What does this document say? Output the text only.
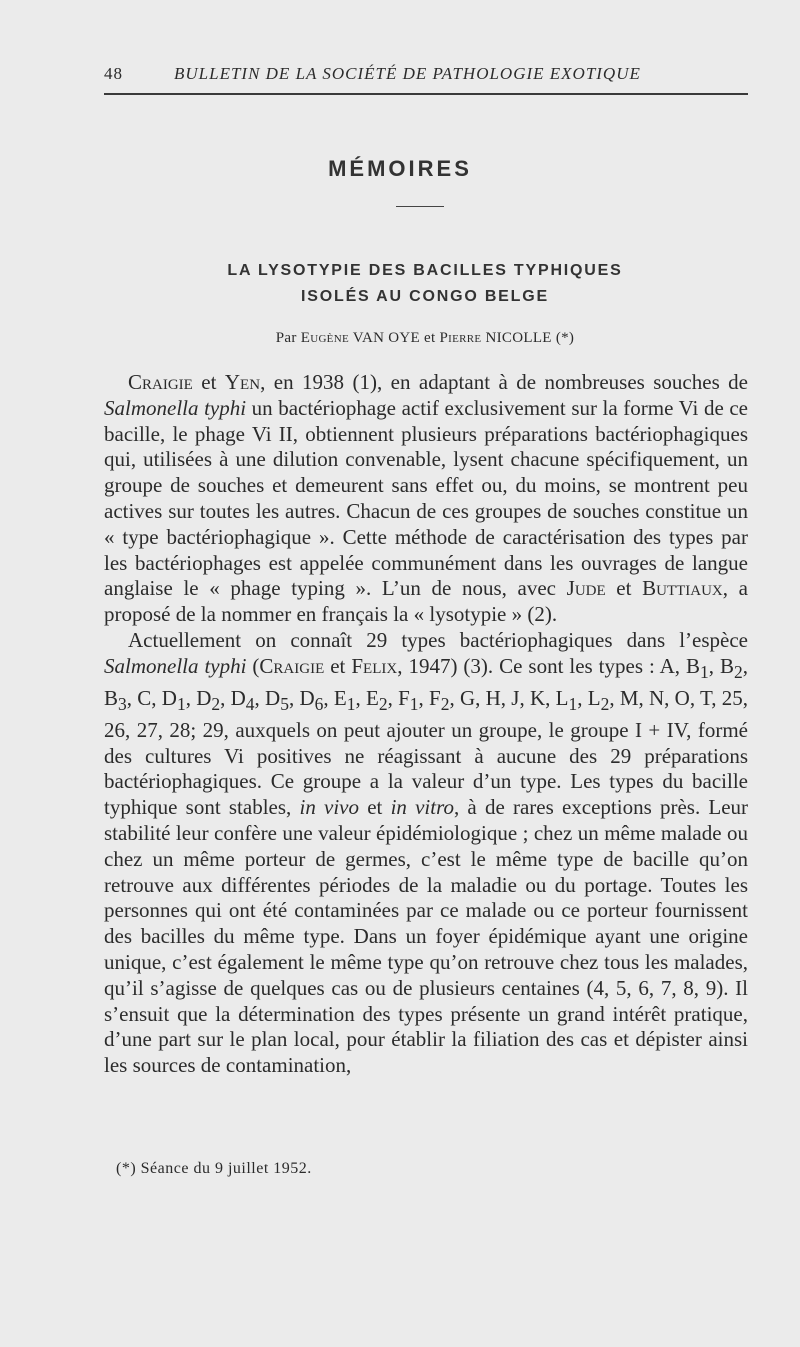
48	BULLETIN DE LA SOCIÉTÉ DE PATHOLOGIE EXOTIQUE
MÉMOIRES
LA LYSOTYPIE DES BACILLES TYPHIQUES
ISOLÉS AU CONGO BELGE
Par Eugène VAN OYE et Pierre NICOLLE (*)

Craigie et Yen, en 1938 (1), en adaptant à de nombreuses souches de Salmonella typhi un bactériophage actif exclusivement sur la forme Vi de ce bacille, le phage Vi II, obtiennent plusieurs préparations bactériophagiques qui, utilisées à une dilution convenable, lysent chacune spécifiquement, un groupe de souches et demeurent sans effet ou, du moins, se montrent peu actives sur toutes les autres. Chacun de ces groupes de souches constitue un « type bactériophagique ». Cette méthode de caractérisation des types par les bactériophages est appelée communément dans les ouvrages de langue anglaise le « phage typing ». L’un de nous, avec Jude et Buttiaux, a proposé de la nommer en français la « lysotypie » (2).

Actuellement on connaît 29 types bactériophagiques dans l’espèce Salmonella typhi (Craigie et Felix, 1947) (3). Ce sont les types : A, $B_1$, $B_2$, $B_3$, C, $D_1$, $D_2$, $D_4$, $D_5$, $D_6$, $E_1$, $E_2$, $F_1$, $F_2$, G, H, J, K, $L_1$, $L_2$, M, N, O, T, 25, 26, 27, 28; 29, auxquels on peut ajouter un groupe, le groupe I + IV, formé des cultures Vi positives ne réagissant à aucune des 29 préparations bactériophagiques. Ce groupe a la valeur d’un type. Les types du bacille typhique sont stables, in vivo et in vitro, à de rares exceptions près. Leur stabilité leur confère une valeur épidémiologique ; chez un même malade ou chez un même porteur de germes, c’est le même type de bacille qu’on retrouve aux différentes périodes de la maladie ou du portage. Toutes les personnes qui ont été contaminées par ce malade ou ce porteur fournissent des bacilles du même type. Dans un foyer épidémique ayant une origine unique, c’est également le même type qu’on retrouve chez tous les malades, qu’il s’agisse de quelques cas ou de plusieurs centaines (4, 5, 6, 7, 8, 9). Il s’ensuit que la détermination des types présente un grand intérêt pratique, d’une part sur le plan local, pour établir la filiation des cas et dépister ainsi les sources de contamination,

(*) Séance du 9 juillet 1952.
